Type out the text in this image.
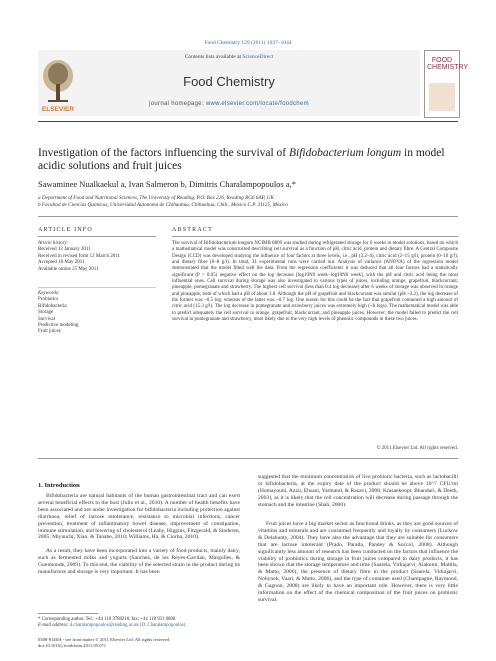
Food Chemistry 129 (2011) 1037–1044
Contents lists available at ScienceDirect
Food Chemistry
journal homepage: www.elsevier.com/locate/foodchem
ELSEVIER
FOOD CHEMISTRY
Investigation of the factors influencing the survival of Bifidobacterium longum in model acidic solutions and fruit juices
Sawaminee Nualkaekul a, Ivan Salmeron b, Dimitris Charalampopoulos a,*
a Department of Food and Nutritional Sciences, The University of Reading, P.O. Box 226, Reading RG6 6AP, UK
b Facultad de Ciencias Químicas, Universidad Autonoma de Chihuahua, Chihuahua, Chih., Mexico C.P. 31125, Mexico
ARTICLE INFO	ABSTRACT
Article history:
Received 12 January 2011
Received in revised form 12 March 2011
Accepted 18 May 2011
Available online 25 May 2011
Keywords:
Probiotics
Bifidobacteria
Storage
Survival
Predictive modeling
Fruit juices
The survival of Bifidobacterium longum NCIMB 8809 was studied during refrigerated storage for 6 weeks in model solutions, based on which a mathematical model was constructed describing cell survival as a function of pH, citric acid, protein and dietary fibre. A Central Composite Design (CCD) was developed studying the influence of four factors at three levels, i.e., pH (3.2–4), citric acid (2–15 g/l), protein (0–10 g/l), and dietary fibre (0–8 g/l). In total, 31 experimental runs were carried out. Analysis of variance (ANOVA) of the regression model demonstrated that the model fitted well the data. From the regression coefficients it was deduced that all four factors had a statistically significant (P < 0.05) negative effect on the log decrease [log10N0 week−log10N6 week], with the pH and citric acid being the most influential ones. Cell survival during storage was also investigated in various types of juices, including orange, grapefruit, blackcurrant, pineapple, pomegranate and strawberry. The highest cell survival (less than 0.4 log decrease) after 6 weeks of storage was observed in orange and pineapple, both of which had a pH of about 3.8. Although the pH of grapefruit and blackcurrant was similar (pH ~3.2), the log decrease of the former was ~0.5 log, whereas of the latter was ~0.7 log. One reason for this could be the fact that grapefruit contained a high amount of citric acid (15.3 g/l). The log decrease in pomegranate and strawberry juices was extremely high (~8 logs). The mathematical model was able to predict adequately the cell survival in orange, grapefruit, blackcurrant, and pineapple juices. However, the model failed to predict the cell survival in pomegranate and strawberry, most likely due to the very high levels of phenolic compounds in these two juices.
© 2011 Elsevier Ltd. All rights reserved.
1. Introduction
Bifidobacteria are natural habitants of the human gastrointestinal tract and can exert several beneficial effects to the host (Julio et al., 2010). A number of health benefits have been associated and are under investigation for bifidobacteria including protection against diarrhoea, relief of lactose intolerance, resistance to microbial infections, cancer prevention, treatment of inflammatory bowel disease, improvement of constipation, immune stimulation, and lowering of cholesterol (Leahy, Higgins, Fitzgerald, & Sinderen, 2005; Miyauchi, Xiao, & Tanabe, 2010; Williams, Ha, & Ciorba, 2010).
As a result, they have been incorporated into a variety of food products, mainly dairy, such as fermented milks and yogurts (Sanchez, de los Reyes-Gavilan, Margolles, & Gueimonde, 2009). To this end, the viability of the selected strain in the product during its manufacture and storage is very important. It has been
suggested that the minimum concentration of live probiotic bacteria, such as lactobacilli or bifidobacteria, at the expiry date of the product should be above 10^7 CFU/ml (Homayouni, Azizi, Ehsani, Yarmand, & Razavi, 2008; Krasaekoopt, Bhandari, & Deeth, 2003), as it is likely that the cell concentration will decrease during passage through the stomach and the intestine (Shah, 2000).
Fruit juices have a big market sector as functional drinks, as they are good sources of vitamins and minerals and are consumed frequently and loyally by consumers (Luckow & Delahunty, 2004). They have also the advantage that they are suitable for consumers that are lactose intolerant (Prado, Parada, Pandey & Soccol, 2008). Although significantly less amount of research has been conducted on the factors that influence the viability of probiotics during storage in fruit juices compared to dairy products, it has been shown that the storage temperature and time (Saarela, Virkajarvi, Alakomi, Mattila, & Matto, 2006), the presence of dietary fibre in the product (Saarela, Virkajarvi, Nohynek, Vaari, & Matto, 2006), and the type of container used (Champagne, Raymond, & Gagnon, 2008) are likely to have an important role. However, there is very little information on the effect of the chemical composition of the fruit juices on probiotic survival.
* Corresponding author. Tel.: +44 118 3788216; fax: +44 118 931 0080.
E-mail address: d.charalampopoulos@reading.ac.uk (D. Charalampopoulos).
0308-8146/$ - see front matter © 2011 Elsevier Ltd. All rights reserved.
doi:10.1016/j.foodchem.2011.05.071
